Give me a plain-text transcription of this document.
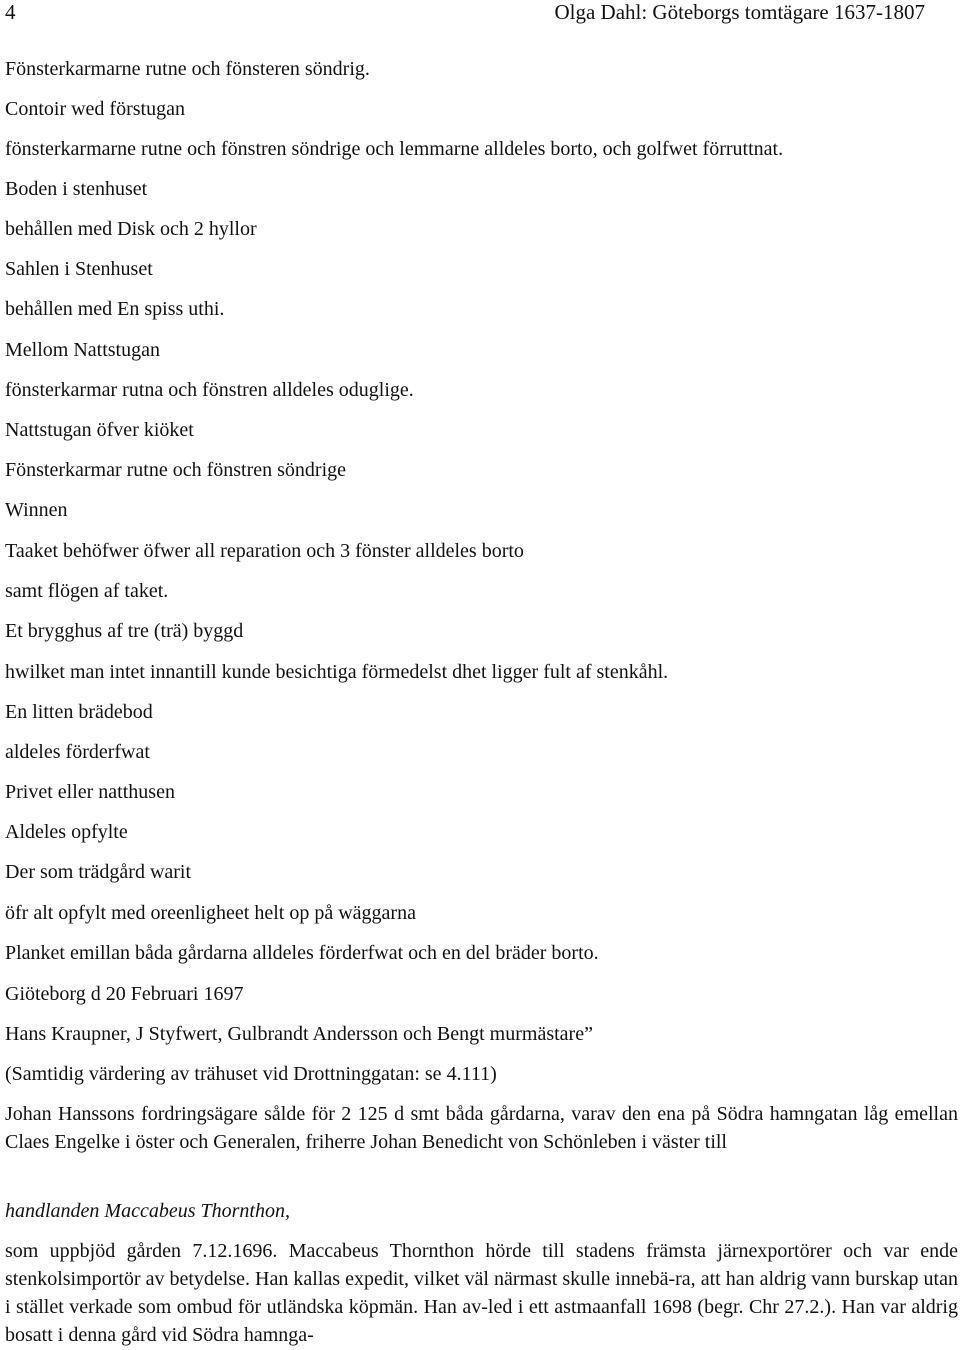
4	Olga Dahl: Göteborgs tomtägare 1637-1807
Fönsterkarmarne rutne och fönsteren söndrig.
Contoir wed förstugan
fönsterkarmarne rutne och fönstren söndrige och lemmarne alldeles borto, och golfwet förruttnat.
Boden i stenhuset
behållen med Disk och 2 hyllor
Sahlen i Stenhuset
behållen med En spiss uthi.
Mellom Nattstugan
fönsterkarmar rutna och fönstren alldeles oduglige.
Nattstugan öfver kiöket
Fönsterkarmar rutne och fönstren söndrige
Winnen
Taaket behöfwer öfwer all reparation och 3 fönster alldeles borto
samt flögen af taket.
Et brygghus af tre (trä) byggd
hwilket man intet innantill kunde besichtiga förmedelst dhet ligger fult af stenkåhl.
En litten brädebod
aldeles förderfwat
Privet eller natthusen
Aldeles opfylte
Der som trädgård warit
öfr alt opfylt med oreenligheet helt op på wäggarna
Planket emillan båda gårdarna alldeles förderfwat och en del bräder borto.
Giöteborg d 20 Februari 1697
Hans Kraupner, J Styfwert, Gulbrandt Andersson och Bengt murmästare”
(Samtidig värdering av trähuset vid Drottninggatan: se 4.111)
Johan Hanssons fordringsägare sålde för 2 125 d smt båda gårdarna, varav den ena på Södra hamngatan låg emellan Claes Engelke i öster och Generalen, friherre Johan Benedicht von Schönleben i väster till
handlanden Maccabeus Thornthon,
som uppbjöd gården 7.12.1696. Maccabeus Thornthon hörde till stadens främsta järnexportörer och var ende stenkolsimportör av betydelse. Han kallas expedit, vilket väl närmast skulle innebä-ra, att han aldrig vann burskap utan i stället verkade som ombud för utländska köpmän. Han av-led i ett astmaanfall 1698 (begr. Chr 27.2.). Han var aldrig bosatt i denna gård vid Södra hamnga-
